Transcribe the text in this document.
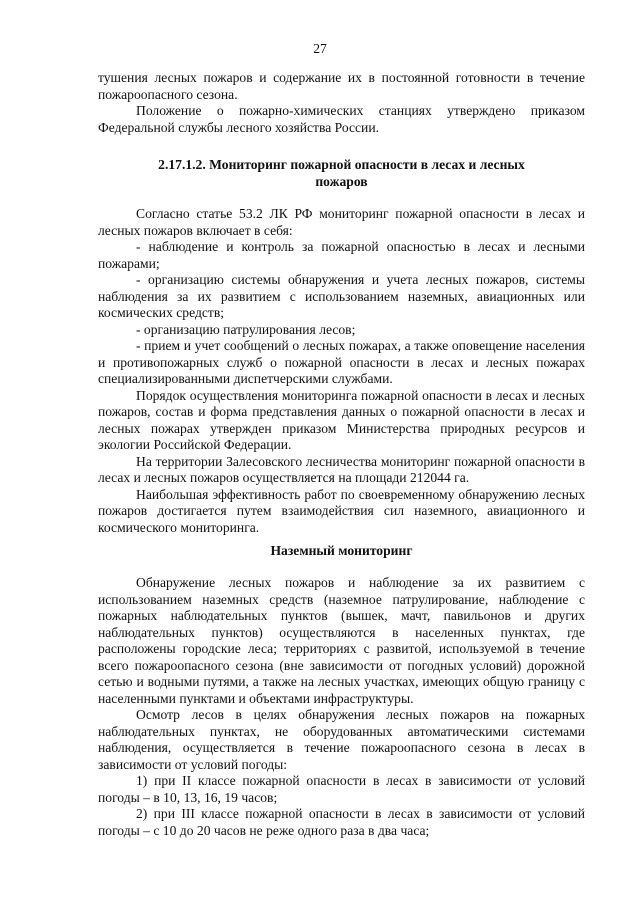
27

тушения лесных пожаров и содержание их в постоянной готовности в течение пожароопасного сезона.

Положение о пожарно-химических станциях утверждено приказом Федеральной службы лесного хозяйства России.

2.17.1.2. Мониторинг пожарной опасности в лесах и лесных
пожаров

Согласно статье 53.2 ЛК РФ мониторинг пожарной опасности в лесах и лесных пожаров включает в себя:

- наблюдение и контроль за пожарной опасностью в лесах и лесными пожарами;

- организацию системы обнаружения и учета лесных пожаров, системы наблюдения за их развитием с использованием наземных, авиационных или космических средств;

- организацию патрулирования лесов;

- прием и учет сообщений о лесных пожарах, а также оповещение населения и противопожарных служб о пожарной опасности в лесах и лесных пожарах специализированными диспетчерскими службами.

Порядок осуществления мониторинга пожарной опасности в лесах и лесных пожаров, состав и форма представления данных о пожарной опасности в лесах и лесных пожарах утвержден приказом Министерства природных ресурсов и экологии Российской Федерации.

На территории Залесовского лесничества мониторинг пожарной опасности в лесах и лесных пожаров осуществляется на площади 212044 га.

Наибольшая эффективность работ по своевременному обнаружению лесных пожаров достигается путем взаимодействия сил наземного, авиационного и космического мониторинга.

Наземный мониторинг

Обнаружение лесных пожаров и наблюдение за их развитием с использованием наземных средств (наземное патрулирование, наблюдение с пожарных наблюдательных пунктов (вышек, мачт, павильонов и других наблюдательных пунктов) осуществляются в населенных пунктах, где расположены городские леса; территориях с развитой, используемой в течение всего пожароопасного сезона (вне зависимости от погодных условий) дорожной сетью и водными путями, а также на лесных участках, имеющих общую границу с населенными пунктами и объектами инфраструктуры.

Осмотр лесов в целях обнаружения лесных пожаров на пожарных наблюдательных пунктах, не оборудованных автоматическими системами наблюдения, осуществляется в течение пожароопасного сезона в лесах в зависимости от условий погоды:

1) при II классе пожарной опасности в лесах в зависимости от условий погоды – в 10, 13, 16, 19 часов;

2) при III классе пожарной опасности в лесах в зависимости от условий погоды – с 10 до 20 часов не реже одного раза в два часа;
